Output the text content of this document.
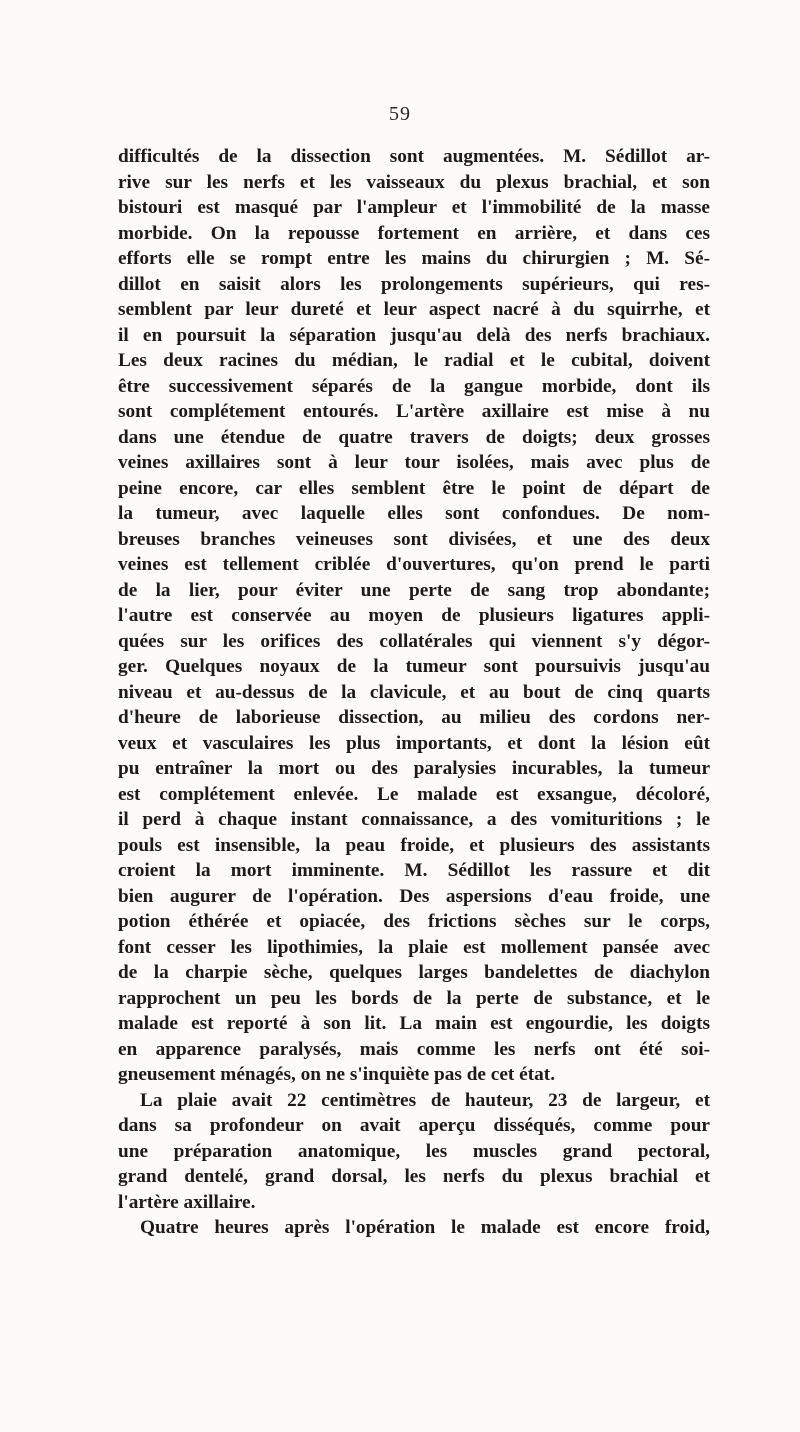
59
difficultés de la dissection sont augmentées. M. Sédillot ar-
rive sur les nerfs et les vaisseaux du plexus brachial, et son
bistouri est masqué par l'ampleur et l'immobilité de la masse
morbide. On la repousse fortement en arrière, et dans ces
efforts elle se rompt entre les mains du chirurgien ; M. Sé-
dillot en saisit alors les prolongements supérieurs, qui res-
semblent par leur dureté et leur aspect nacré à du squirrhe, et
il en poursuit la séparation jusqu'au delà des nerfs brachiaux.
Les deux racines du médian, le radial et le cubital, doivent
être successivement séparés de la gangue morbide, dont ils
sont complétement entourés. L'artère axillaire est mise à nu
dans une étendue de quatre travers de doigts; deux grosses
veines axillaires sont à leur tour isolées, mais avec plus de
peine encore, car elles semblent être le point de départ de
la tumeur, avec laquelle elles sont confondues. De nom-
breuses branches veineuses sont divisées, et une des deux
veines est tellement criblée d'ouvertures, qu'on prend le parti
de la lier, pour éviter une perte de sang trop abondante;
l'autre est conservée au moyen de plusieurs ligatures appli-
quées sur les orifices des collatérales qui viennent s'y dégor-
ger. Quelques noyaux de la tumeur sont poursuivis jusqu'au
niveau et au-dessus de la clavicule, et au bout de cinq quarts
d'heure de laborieuse dissection, au milieu des cordons ner-
veux et vasculaires les plus importants, et dont la lésion eût
pu entraîner la mort ou des paralysies incurables, la tumeur
est complétement enlevée. Le malade est exsangue, décoloré,
il perd à chaque instant connaissance, a des vomituritions ; le
pouls est insensible, la peau froide, et plusieurs des assistants
croient la mort imminente. M. Sédillot les rassure et dit
bien augurer de l'opération. Des aspersions d'eau froide, une
potion éthérée et opiacée, des frictions sèches sur le corps,
font cesser les lipothimies, la plaie est mollement pansée avec
de la charpie sèche, quelques larges bandelettes de diachylon
rapprochent un peu les bords de la perte de substance, et le
malade est reporté à son lit. La main est engourdie, les doigts
en apparence paralysés, mais comme les nerfs ont été soi-
gneusement ménagés, on ne s'inquiète pas de cet état.
La plaie avait 22 centimètres de hauteur, 23 de largeur, et
dans sa profondeur on avait aperçu disséqués, comme pour
une préparation anatomique, les muscles grand pectoral,
grand dentelé, grand dorsal, les nerfs du plexus brachial et
l'artère axillaire.
Quatre heures après l'opération le malade est encore froid,
